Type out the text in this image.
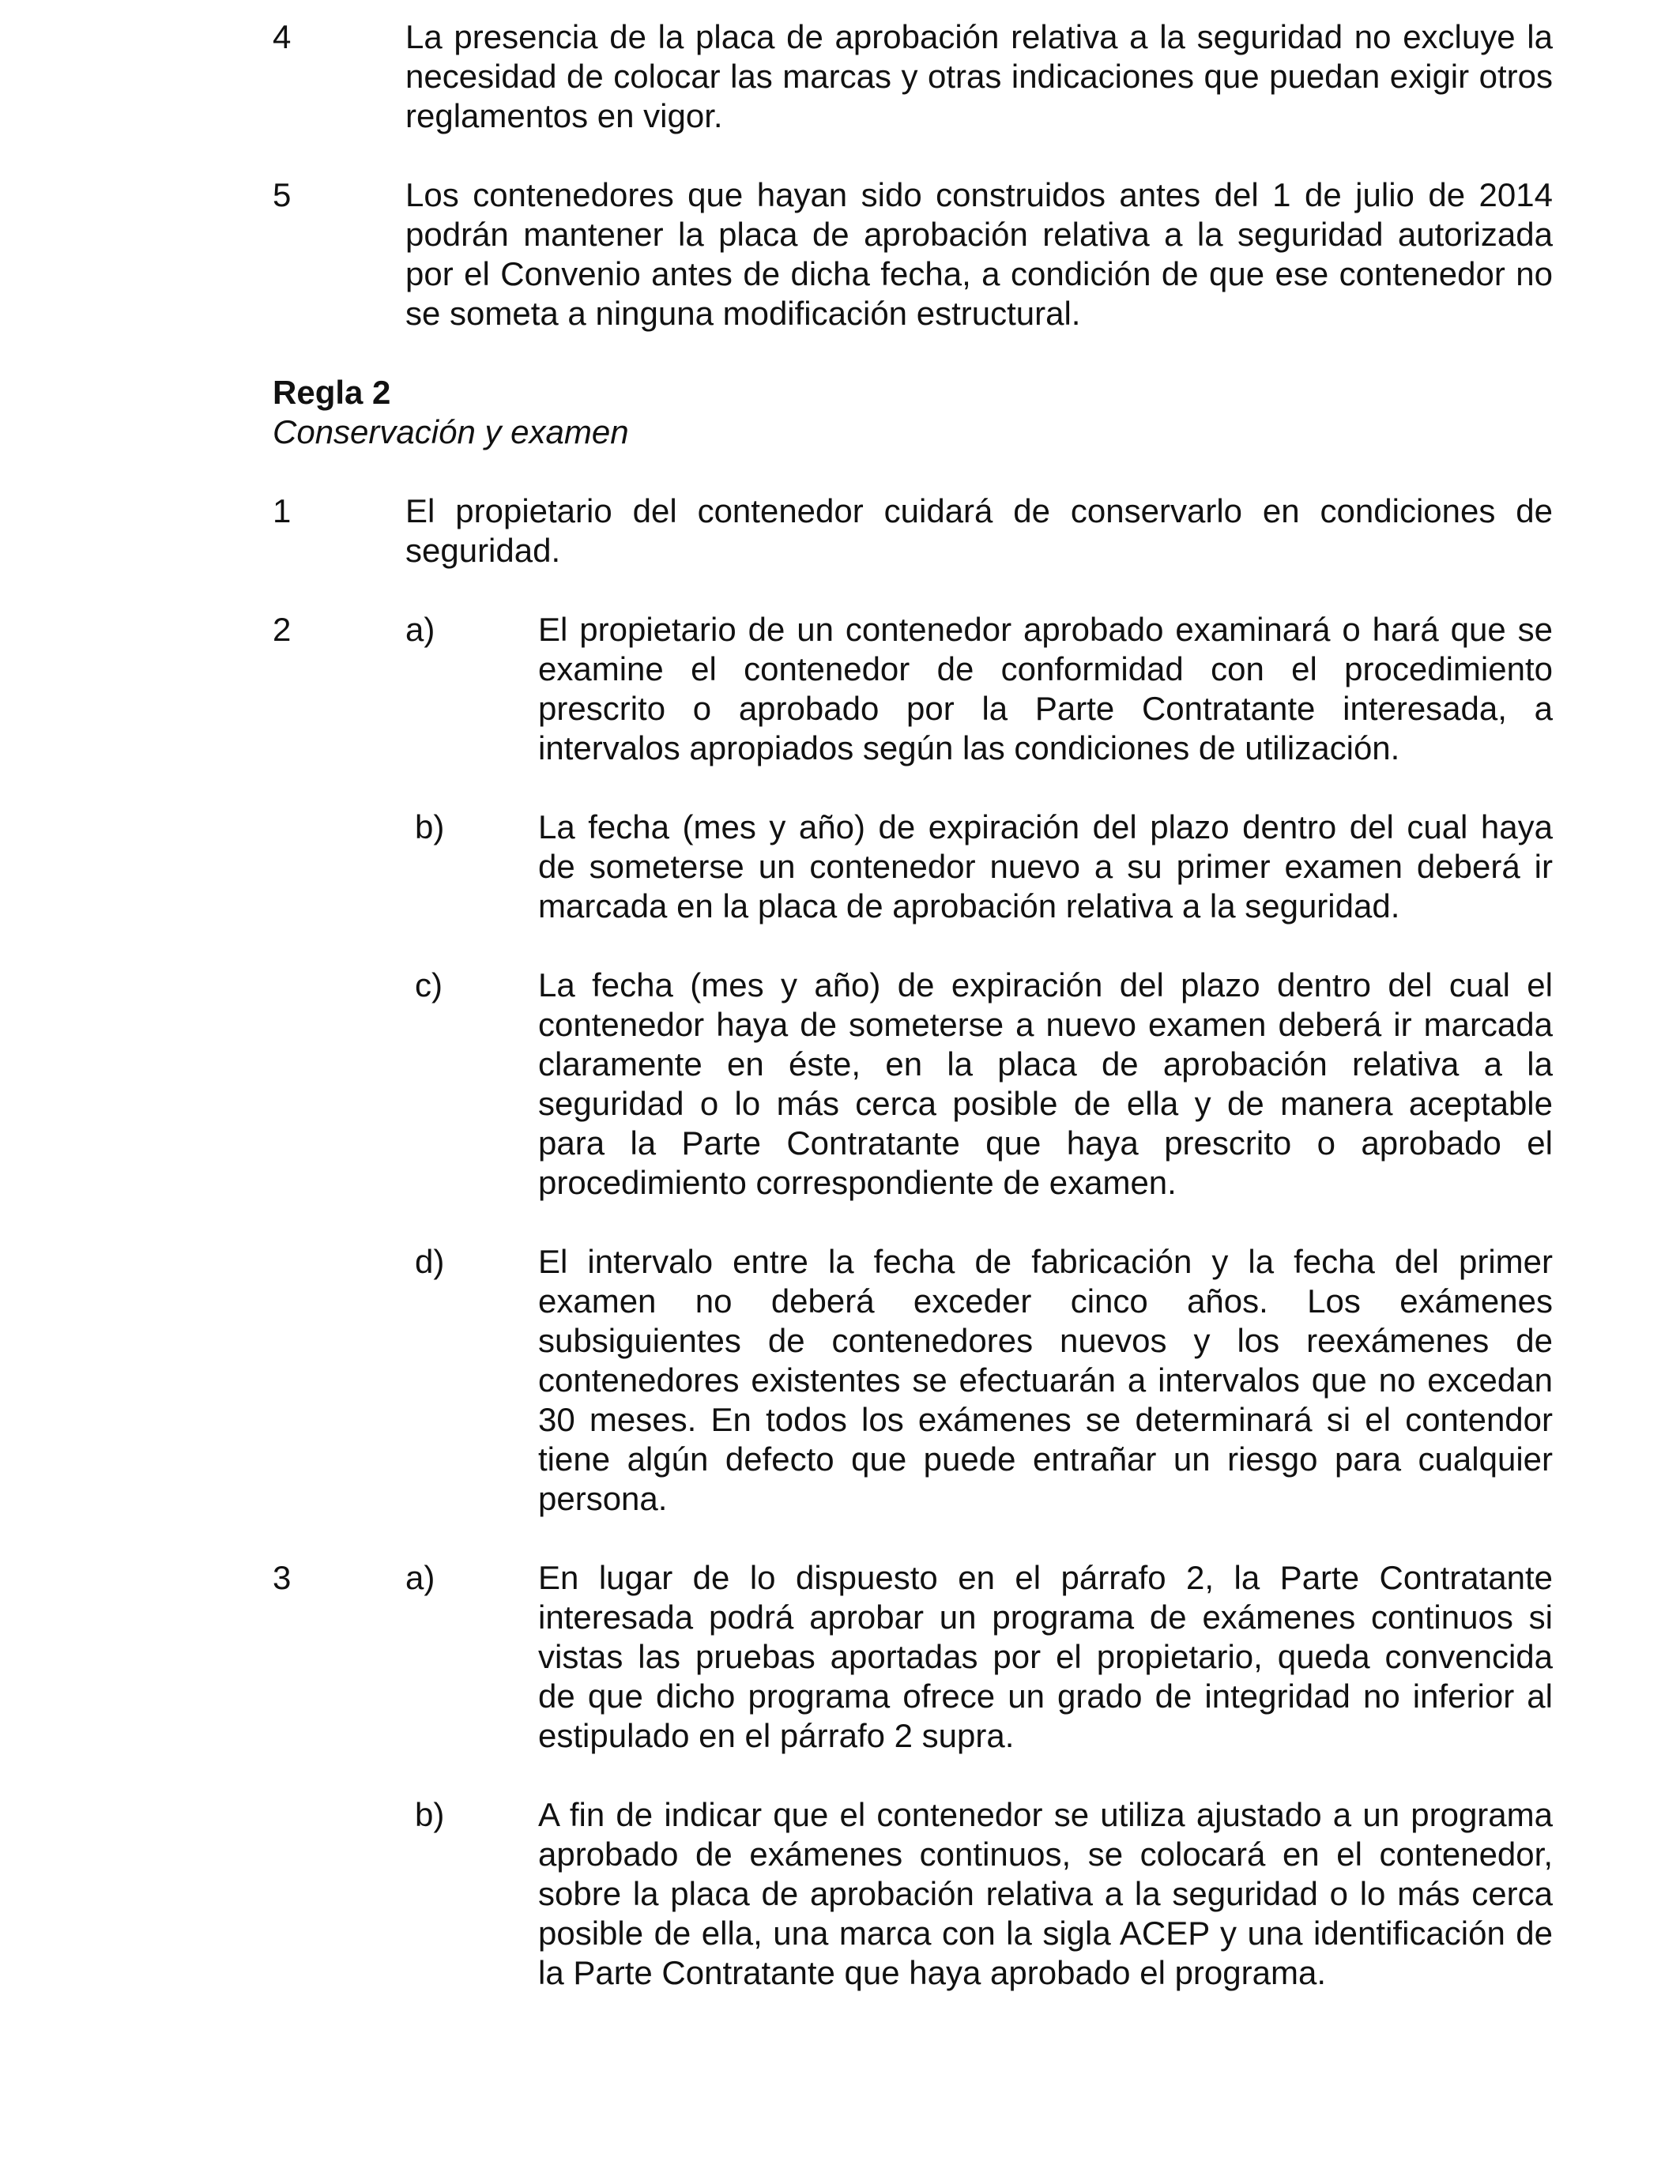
4	La presencia de la placa de aprobación relativa a la seguridad no excluye la necesidad de colocar las marcas y otras indicaciones que puedan exigir otros reglamentos en vigor.
5	Los contenedores que hayan sido construidos antes del 1 de julio de 2014 podrán mantener la placa de aprobación relativa a la seguridad autorizada por el Convenio antes de dicha fecha, a condición de que ese contenedor no se someta a ninguna modificación estructural.
Regla 2
Conservación y examen
1	El propietario del contenedor cuidará de conservarlo en condiciones de seguridad.
2	a)	El propietario de un contenedor aprobado examinará o hará que se examine el contenedor de conformidad con el procedimiento prescrito o aprobado por la Parte Contratante interesada, a intervalos apropiados según las condiciones de utilización.
b)	La fecha (mes y año) de expiración del plazo dentro del cual haya de someterse un contenedor nuevo a su primer examen deberá ir marcada en la placa de aprobación relativa a la seguridad.
c)	La fecha (mes y año) de expiración del plazo dentro del cual el contenedor haya de someterse a nuevo examen deberá ir marcada claramente en éste, en la placa de aprobación relativa a la seguridad o lo más cerca posible de ella y de manera aceptable para la Parte Contratante que haya prescrito o aprobado el procedimiento correspondiente de examen.
d)	El intervalo entre la fecha de fabricación y la fecha del primer examen no deberá exceder cinco años. Los exámenes subsiguientes de contenedores nuevos y los reexámenes de contenedores existentes se efectuarán a intervalos que no excedan 30 meses. En todos los exámenes se determinará si el contendor tiene algún defecto que puede entrañar un riesgo para cualquier persona.
3	a)	En lugar de lo dispuesto en el párrafo 2, la Parte Contratante interesada podrá aprobar un programa de exámenes continuos si vistas las pruebas aportadas por el propietario, queda convencida de que dicho programa ofrece un grado de integridad no inferior al estipulado en el párrafo 2 supra.
b)	A fin de indicar que el contenedor se utiliza ajustado a un programa aprobado de exámenes continuos, se colocará en el contenedor, sobre la placa de aprobación relativa a la seguridad o lo más cerca posible de ella, una marca con la sigla ACEP y una identificación de la Parte Contratante que haya aprobado el programa.
